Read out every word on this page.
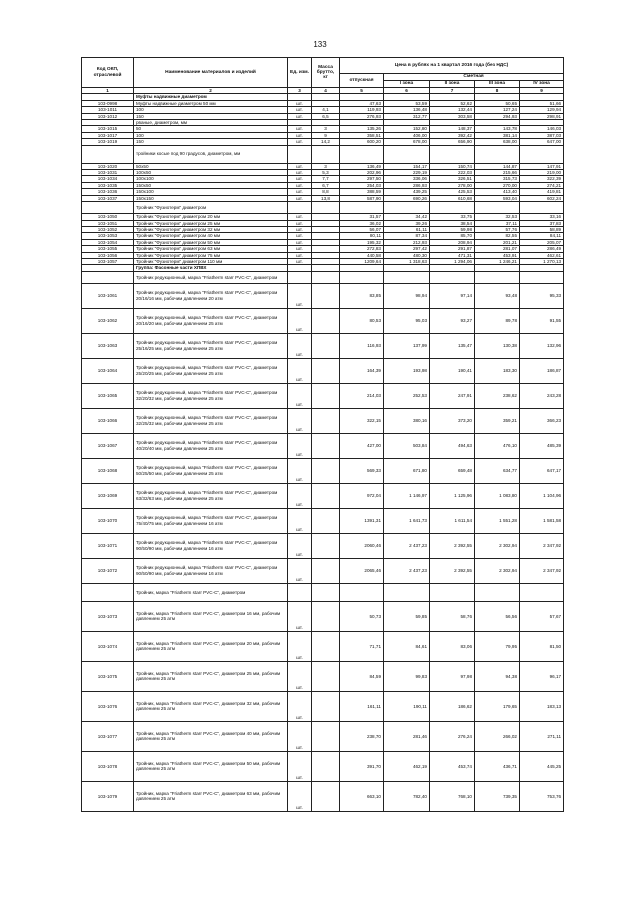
133
Код ОКП, отраслевой	Наименование материалов и изделий	Ед. изм.	Масса брутто, кг	Цена в рублях на 1 квартал 2016 года (без НДС)				
				отпускная	Сметная			
					I зона	II зона	III зона	IV зона
1	2	3	4	5	6	7	8	9
	Муфты надвижные диаметром							
103-0998	Муфты надвижные диаметром 50 мм	шт.		47,63	53,59	52,62	50,65	51,66
103-1011	100	шт.	4,1	119,93	136,48	132,44	127,24	129,94
103-1012	150	шт.	6,5	276,93	312,77	303,58	294,93	298,91
	рваные, диаметром, мм							
103-1015	50	шт.	3	135,26	152,80	148,37	143,78	146,03
103-1017	100	шт.	9	358,51	406,00	392,42	381,14	387,03
103-1019	150	шт.	14,2	600,20	678,00	656,90	638,00	647,00
	тройники косые под 90 градусов, диаметром, мм							
103-1020	50х50	шт.	3	136,49	154,17	150,74	144,87	147,91
103-1031	100х50	шт.	5,3	202,96	229,19	222,03	215,66	219,00
103-1034	100х100	шт.	7,7	297,50	336,06	326,51	315,73	322,39
103-1035	150х50	шт.	6,7	254,03	286,93	278,00	270,00	274,21
103-1036	150х100	шт.	8,8	388,59	439,25	425,53	413,40	419,81
103-1037	150х150	шт.	13,8	587,90	690,26	610,68	593,04	602,24
	Тройник "Фузиотерм" диаметром							
103-1050	Тройник "Фузиотерм" диаметром 20 мм	шт.		31,57	34,42	33,75	32,53	33,16
103-1051	Тройник "Фузиотерм" диаметром 25 мм	шт.		36,02	39,26	38,54	37,11	37,83
103-1052	Тройник "Фузиотерм" диаметром 32 мм	шт.		56,07	61,11	59,98	57,76	58,89
103-1053	Тройник "Фузиотерм" диаметром 40 мм	шт.		80,11	87,34	85,70	82,55	84,11
103-1054	Тройник "Фузиотерм" диаметром 50 мм	шт.		195,32	212,93	208,94	201,21	205,07
103-1055	Тройник "Фузиотерм" диаметром 63 мм	шт.		272,83	297,42	291,87	281,07	286,49
103-1056	Тройник "Фузиотерм" диаметром 75 мм	шт.		440,58	480,30	471,31	453,91	462,61
103-1057	Тройник "Фузиотерм" диаметром 110 мм	шт.		1209,64	1 318,63	1 294,06	1 246,21	1 270,13
	Группа: Фасонные части ХПВХ							
	Тройник редукционный, марка "Friatherm starr PVC-C", диаметром							
103-1061	Тройник редукционный, марка "Friatherm starr PVC-C", диаметром 20/16/16 мм, рабочим давлением 20 атм	шт.		83,85	98,94	97,14	93,48	95,33
103-1062	Тройник редукционный, марка "Friatherm starr PVC-C", диаметром 20/16/20 мм, рабочим давлением 25 атм	шт.		80,53	95,03	93,27	89,78	91,55
103-1063	Тройник редукционный, марка "Friatherm starr PVC-C", диаметром 25/16/25 мм, рабочим давлением 25 атм	шт.		116,93	137,99	135,47	130,38	132,96
103-1064	Тройник редукционный, марка "Friatherm starr PVC-C", диаметром 25/20/25 мм, рабочим давлением 25 атм	шт.		164,39	193,98	190,41	183,30	186,87
103-1065	Тройник редукционный, марка "Friatherm starr PVC-C", диаметром 32/20/32 мм, рабочим давлением 25 атм	шт.		214,03	252,53	247,91	238,62	243,28
103-1066	Тройник редукционный, марка "Friatherm starr PVC-C", диаметром 32/25/32 мм, рабочим давлением 25 атм	шт.		322,15	380,16	373,20	359,21	366,23
103-1067	Тройник редукционный, марка "Friatherm starr PVC-C", диаметром 40/20/40 мм, рабочим давлением 25 атм	шт.		427,00	503,84	494,63	476,10	485,39
103-1068	Тройник редукционный, марка "Friatherm starr PVC-C", диаметром 50/25/50 мм, рабочим давлением 25 атм	шт.		569,33	671,80	659,48	634,77	647,17
103-1069	Тройник редукционный, марка "Friatherm starr PVC-C", диаметром 63/32/63 мм, рабочим давлением 25 атм	шт.		972,04	1 146,97	1 125,96	1 083,80	1 104,96
103-1070	Тройник редукционный, марка "Friatherm starr PVC-C", диаметром 75/40/75 мм, рабочим давлением 16 атм	шт.		1391,31	1 641,73	1 611,54	1 551,28	1 581,58
103-1071	Тройник редукционный, марка "Friatherm starr PVC-C", диаметром 90/50/90 мм, рабочим давлением 16 атм	шт.		2060,46	2 437,23	2 392,55	2 302,94	2 347,92
103-1072	Тройник редукционный, марка "Friatherm starr PVC-C", диаметром 90/50/90 мм, рабочим давлением 16 атм	шт.		2065,46	2 437,23	2 392,55	2 302,94	2 347,92
	Тройник, марка "Friatherm starr PVC-C", диаметром							
103-1073	Тройник, марка "Friatherm starr PVC-C", диаметром 16 мм, рабочим давлением 25 атм	шт.		50,73	59,85	58,76	56,56	57,67
103-1074	Тройник, марка "Friatherm starr PVC-C", диаметром 20 мм, рабочим давлением 25 атм	шт.		71,71	84,61	83,06	79,95	81,50
103-1075	Тройник, марка "Friatherm starr PVC-C", диаметром 25 мм, рабочим давлением 25 атм	шт.		84,59	99,83	97,98	94,38	96,17
103-1076	Тройник, марка "Friatherm starr PVC-C", диаметром 32 мм, рабочим давлением 25 атм	шт.		161,11	190,11	186,62	179,65	183,13
103-1077	Тройник, марка "Friatherm starr PVC-C", диаметром 40 мм, рабочим давлением 25 атм	шт.		238,70	281,46	276,24	266,02	271,11
103-1078	Тройник, марка "Friatherm starr PVC-C", диаметром 50 мм, рабочим давлением 25 атм	шт.		391,70	462,19	453,74	436,71	445,25
103-1079	Тройник, марка "Friatherm starr PVC-C", диаметром 63 мм, рабочим давлением 25 атм	шт.		663,10	782,40	768,10	739,35	753,76
